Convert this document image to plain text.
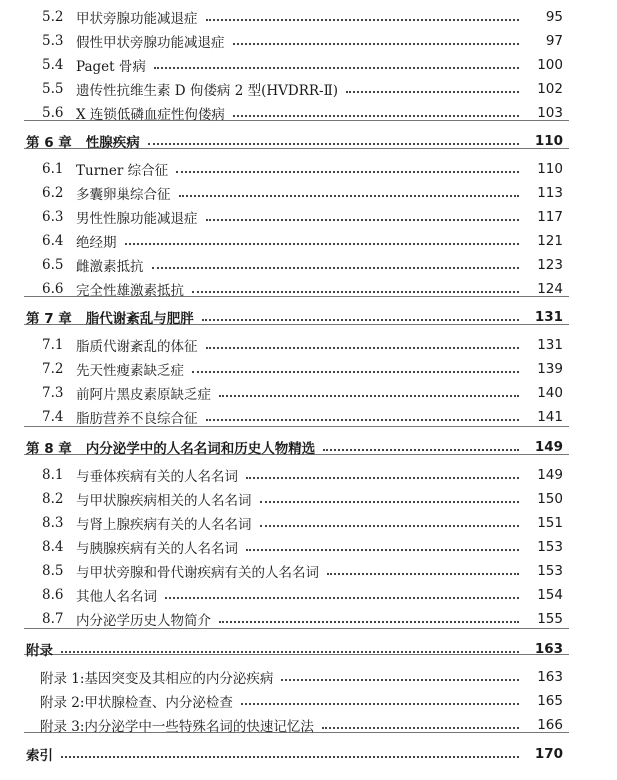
5.2 甲状旁腺功能减退症	95
5.3 假性甲状旁腺功能减退症	97
5.4 Paget 骨病	100
5.5 遗传性抗维生素 D 佝偻病 2 型(HVDRR-Ⅱ)	102
5.6 X 连锁低磷血症性佝偻病	103
第 6 章 性腺疾病	110
6.1 Turner 综合征	110
6.2 多囊卵巢综合征	113
6.3 男性性腺功能减退症	117
6.4 绝经期	121
6.5 雌激素抵抗	123
6.6 完全性雄激素抵抗	124
第 7 章 脂代谢紊乱与肥胖	131
7.1 脂质代谢紊乱的体征	131
7.2 先天性瘦素缺乏症	139
7.3 前阿片黑皮素原缺乏症	140
7.4 脂肪营养不良综合征	141
第 8 章 内分泌学中的人名名词和历史人物精选	149
8.1 与垂体疾病有关的人名名词	149
8.2 与甲状腺疾病相关的人名名词	150
8.3 与肾上腺疾病有关的人名名词	151
8.4 与胰腺疾病有关的人名名词	153
8.5 与甲状旁腺和骨代谢疾病有关的人名名词	153
8.6 其他人名名词	154
8.7 内分泌学历史人物简介	155
附录	163
附录 1:基因突变及其相应的内分泌疾病	163
附录 2:甲状腺检查、内分泌检查	165
附录 3:内分泌学中一些特殊名词的快速记忆法	166
索引	170
